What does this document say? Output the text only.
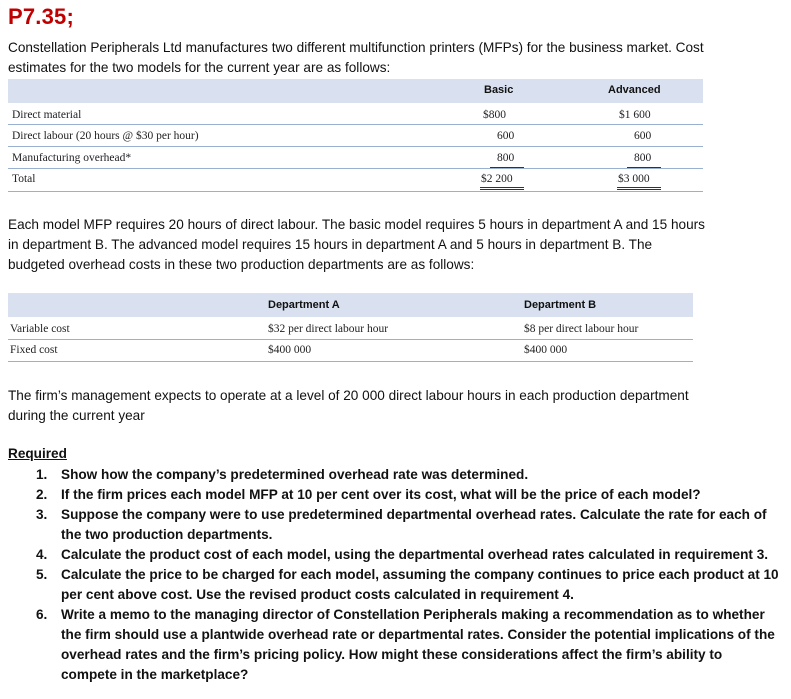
P7.35;
Constellation Peripherals Ltd manufactures two different multifunction printers (MFPs) for the business market. Cost
estimates for the two models for the current year are as follows:
Basic	Advanced
Direct material	$800	$1 600
Direct labour (20 hours @ $30 per hour)	600	600
Manufacturing overhead*	800	800
Total	$2 200	$3 000
Each model MFP requires 20 hours of direct labour. The basic model requires 5 hours in department A and 15 hours
in department B. The advanced model requires 15 hours in department A and 5 hours in department B. The
budgeted overhead costs in these two production departments are as follows:
Department A	Department B
Variable cost	$32 per direct labour hour	$8 per direct labour hour
Fixed cost	$400 000	$400 000
The firm’s management expects to operate at a level of 20 000 direct labour hours in each production department
during the current year
Required
1. Show how the company’s predetermined overhead rate was determined.
2. If the firm prices each model MFP at 10 per cent over its cost, what will be the price of each model?
3. Suppose the company were to use predetermined departmental overhead rates. Calculate the rate for each of the two production departments.
4. Calculate the product cost of each model, using the departmental overhead rates calculated in requirement 3.
5. Calculate the price to be charged for each model, assuming the company continues to price each product at 10 per cent above cost. Use the revised product costs calculated in requirement 4.
6. Write a memo to the managing director of Constellation Peripherals making a recommendation as to whether the firm should use a plantwide overhead rate or departmental rates. Consider the potential implications of the overhead rates and the firm’s pricing policy. How might these considerations affect the firm’s ability to compete in the marketplace?
